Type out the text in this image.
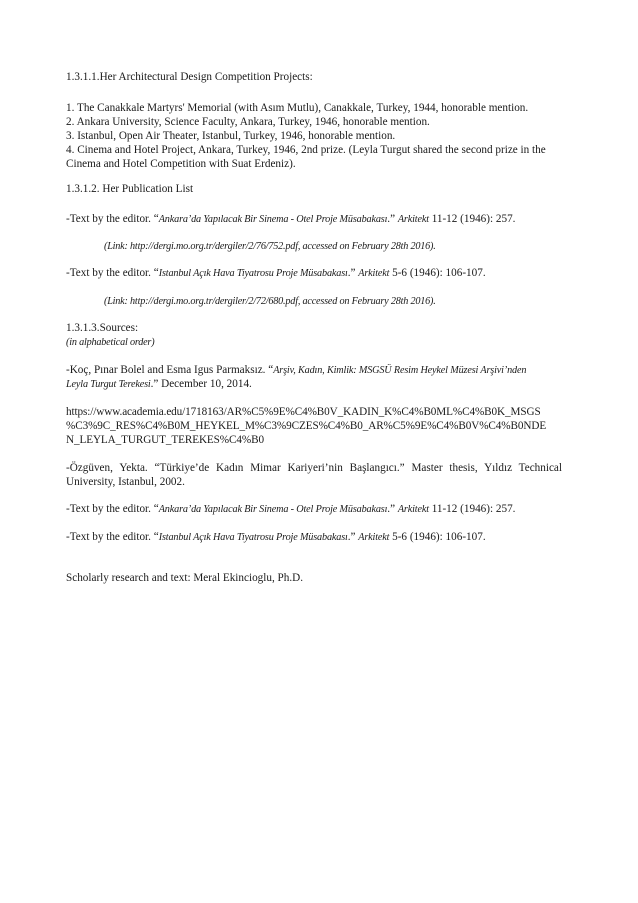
1.3.1.1.Her Architectural Design Competition Projects:
1. The Canakkale Martyrs' Memorial (with Asım Mutlu), Canakkale, Turkey, 1944, honorable mention.
2. Ankara University, Science Faculty, Ankara, Turkey, 1946, honorable mention.
3. Istanbul, Open Air Theater, Istanbul, Turkey, 1946, honorable mention.
4. Cinema and Hotel Project, Ankara, Turkey, 1946, 2nd prize. (Leyla Turgut shared the second prize in the Cinema and Hotel Competition with Suat Erdeniz).
1.3.1.2. Her Publication List
-Text by the editor. “Ankara’da Yapılacak Bir Sinema - Otel Proje Müsabakası.” Arkitekt 11-12 (1946): 257.
(Link: http://dergi.mo.org.tr/dergiler/2/76/752.pdf, accessed on February 28th 2016).
-Text by the editor. “Istanbul Açık Hava Tiyatrosu Proje Müsabakası.” Arkitekt 5-6 (1946): 106-107.
(Link: http://dergi.mo.org.tr/dergiler/2/72/680.pdf, accessed on February 28th 2016).
1.3.1.3.Sources:
(in alphabetical order)
-Koç, Pınar Bolel and Esma Igus Parmaksız. “Arşiv, Kadın, Kimlik: MSGSÜ Resim Heykel Müzesi Arşivi’nden
Leyla Turgut Terekesi.” December 10, 2014.
https://www.academia.edu/1718163/AR%C5%9E%C4%B0V_KADIN_K%C4%B0ML%C4%B0K_MSGS
%C3%9C_RES%C4%B0M_HEYKEL_M%C3%9CZES%C4%B0_AR%C5%9E%C4%B0V%C4%B0NDE
N_LEYLA_TURGUT_TEREKES%C4%B0
-Özgüven, Yekta. “Türkiye’de Kadın Mimar Kariyeri’nin Başlangıcı.” Master thesis, Yıldız Technical University, Istanbul, 2002.
-Text by the editor. “Ankara’da Yapılacak Bir Sinema - Otel Proje Müsabakası.” Arkitekt 11-12 (1946): 257.
-Text by the editor. “Istanbul Açık Hava Tiyatrosu Proje Müsabakası.” Arkitekt 5-6 (1946): 106-107.
Scholarly research and text: Meral Ekincioglu, Ph.D.
